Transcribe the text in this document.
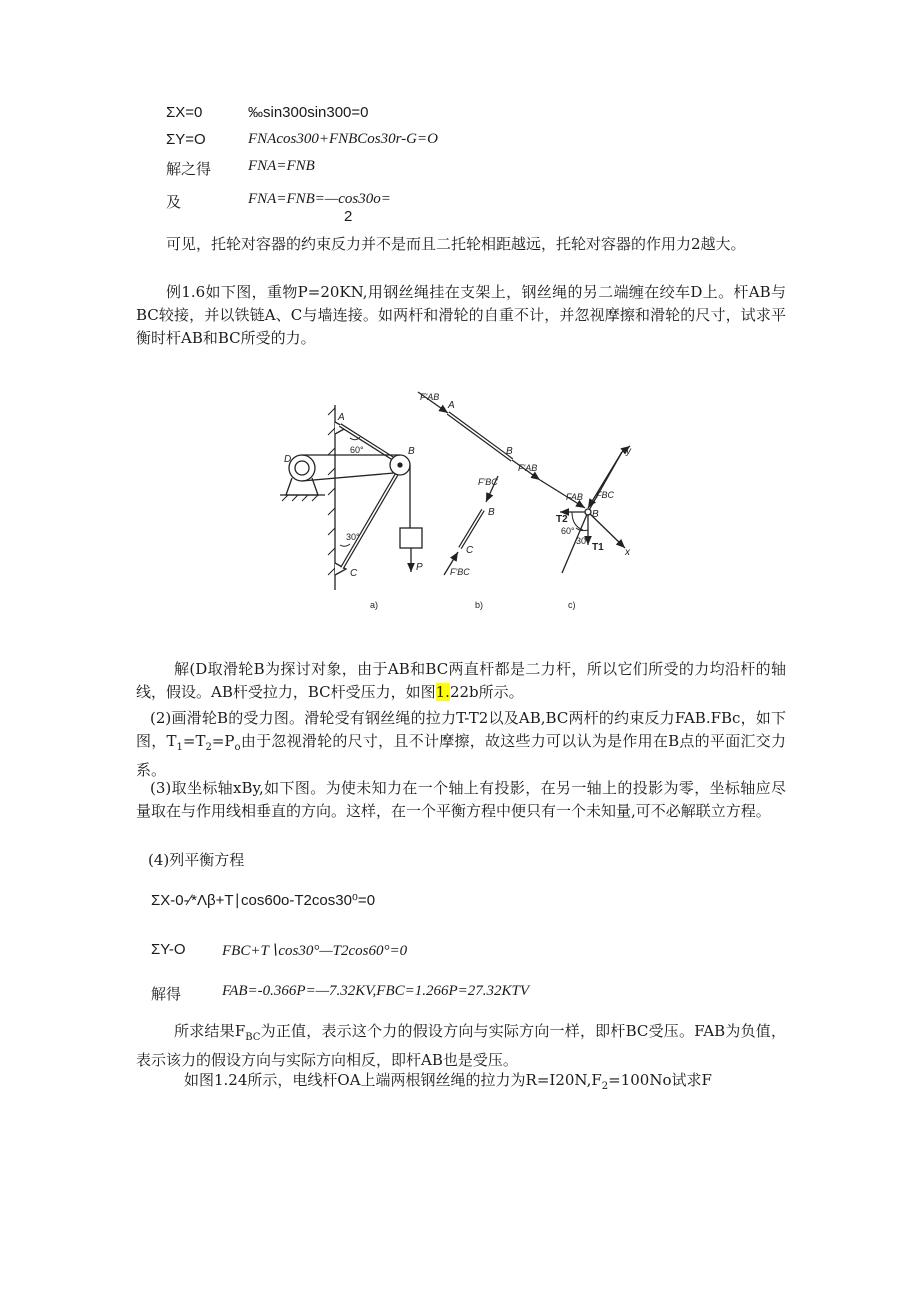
ΣX=0	‰sin300sin300=0
ΣY=O	FNAcos300+FNBCos30r-G=O
解之得 FNA=FNB
及	FNA=FNB=—cos30o=
2
可见，托轮对容器的约束反力并不是而且二托轮相距越远，托轮对容器的作用力2越大。
例1.6如下图，重物P=20KN,用钢丝绳挂在支架上，钢丝绳的另二端缠在绞车D上。杆AB与BC较接，并以铁链A、C与墙连接。如两杆和滑轮的自重不计，并忽视摩擦和滑轮的尺寸，试求平衡时杆AB和BC所受的力。
A
B
C
D
P
60°
30°
F'AB
A
B
F'AB
F'BC
B
C
F'BC
FAB FBC
B
T2
T1
y
x
60°
30°
a)	b)	c)
解(D取滑轮B为探讨对象，由于AB和BC两直杆都是二力杆，所以它们所受的力均沿杆的轴线，假设。AB杆受拉力，BC杆受压力，如图1.22b所示。
(2)画滑轮B的受力图。滑轮受有钢丝绳的拉力T-T2以及AB,BC两杆的约束反力FAB.FBc，如下图，$T_1=T_2=P_o$由于忽视滑轮的尺寸，且不计摩擦，故这些力可以认为是作用在B点的平面汇交力系。
(3)取坐标轴xBy,如下图。为使未知力在一个轴上有投影，在另一轴上的投影为零，坐标轴应尽量取在与作用线相垂直的方向。这样，在一个平衡方程中便只有一个未知量,可不必解联立方程。
(4)列平衡方程
ΣX-0-∕*Λβ+T∣cos60o-T2cos30⁰=0
ΣY-O FBC+T∖cos30°—T2cos60°=0
解得	FAB=-0.366P=—7.32KV,FBC=1.266P=27.32KTV
所求结果$F_{BC}$为正值，表示这个力的假设方向与实际方向一样，即杆BC受压。FAB为负值，表示该力的假设方向与实际方向相反，即杆AB也是受压。
如图1.24所示，电线杆OA上端两根钢丝绳的拉力为$R=I20N,F_2=100No$试求F
